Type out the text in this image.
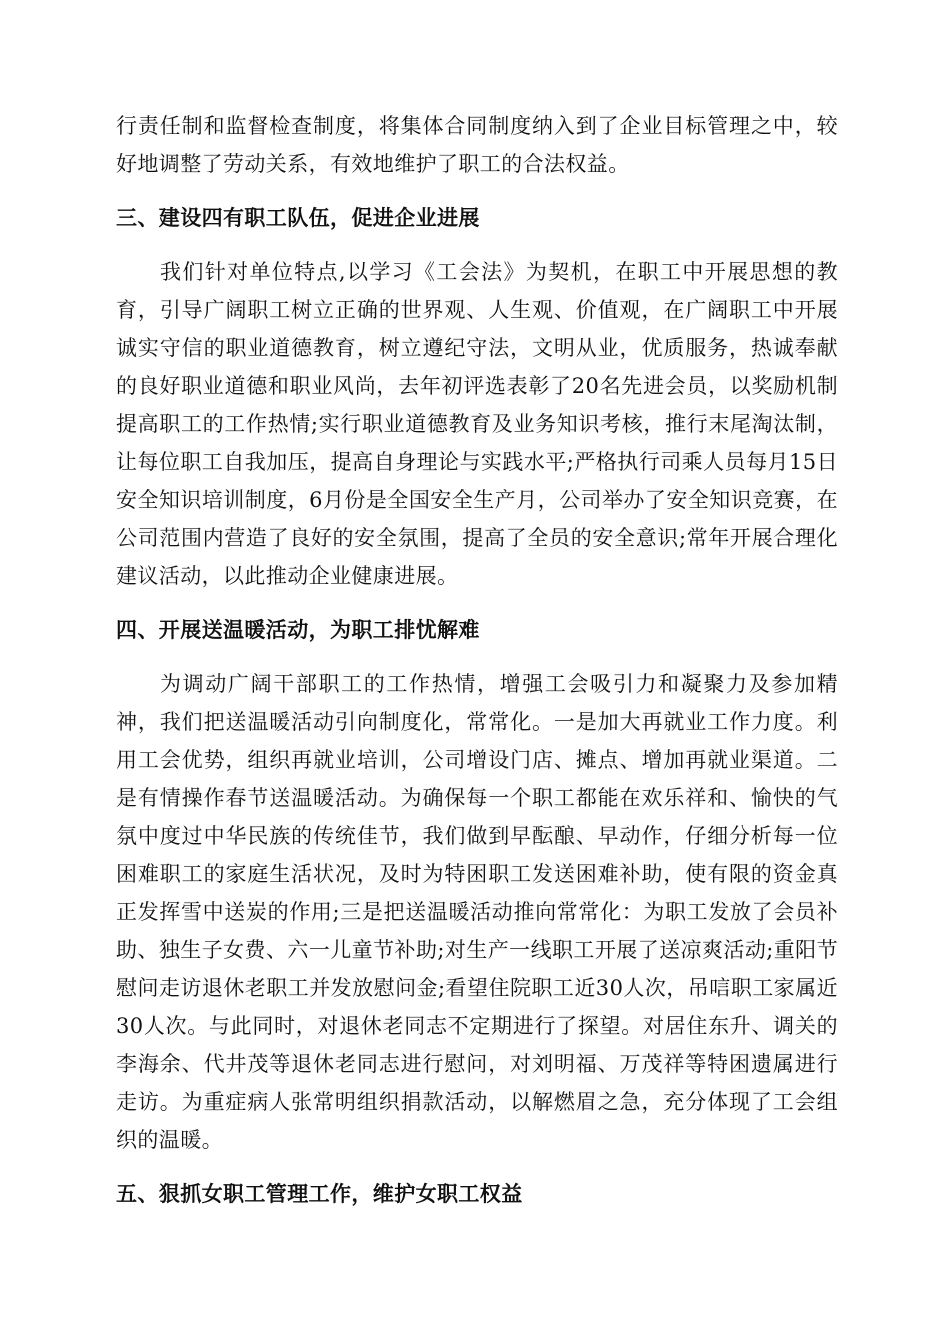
行责任制和监督检查制度，将集体合同制度纳入到了企业目标管理之中，较好地调整了劳动关系，有效地维护了职工的合法权益。

三、建设四有职工队伍，促进企业进展

我们针对单位特点,以学习《工会法》为契机，在职工中开展思想的教育，引导广阔职工树立正确的世界观、人生观、价值观，在广阔职工中开展诚实守信的职业道德教育，树立遵纪守法，文明从业，优质服务，热诚奉献的良好职业道德和职业风尚，去年初评选表彰了20名先进会员，以奖励机制提高职工的工作热情;实行职业道德教育及业务知识考核，推行末尾淘汰制，让每位职工自我加压，提高自身理论与实践水平;严格执行司乘人员每月15日安全知识培训制度，6月份是全国安全生产月，公司举办了安全知识竞赛，在公司范围内营造了良好的安全氛围，提高了全员的安全意识;常年开展合理化建议活动，以此推动企业健康进展。

四、开展送温暖活动，为职工排忧解难

为调动广阔干部职工的工作热情，增强工会吸引力和凝聚力及参加精神，我们把送温暖活动引向制度化，常常化。一是加大再就业工作力度。利用工会优势，组织再就业培训，公司增设门店、摊点、增加再就业渠道。二是有情操作春节送温暖活动。为确保每一个职工都能在欢乐祥和、愉快的气氛中度过中华民族的传统佳节，我们做到早酝酿、早动作，仔细分析每一位困难职工的家庭生活状况，及时为特困职工发送困难补助，使有限的资金真正发挥雪中送炭的作用;三是把送温暖活动推向常常化：为职工发放了会员补助、独生子女费、六一儿童节补助;对生产一线职工开展了送凉爽活动;重阳节慰问走访退休老职工并发放慰问金;看望住院职工近30人次，吊唁职工家属近30人次。与此同时，对退休老同志不定期进行了探望。对居住东升、调关的李海余、代井茂等退休老同志进行慰问，对刘明福、万茂祥等特困遗属进行走访。为重症病人张常明组织捐款活动，以解燃眉之急，充分体现了工会组织的温暖。

五、狠抓女职工管理工作，维护女职工权益
